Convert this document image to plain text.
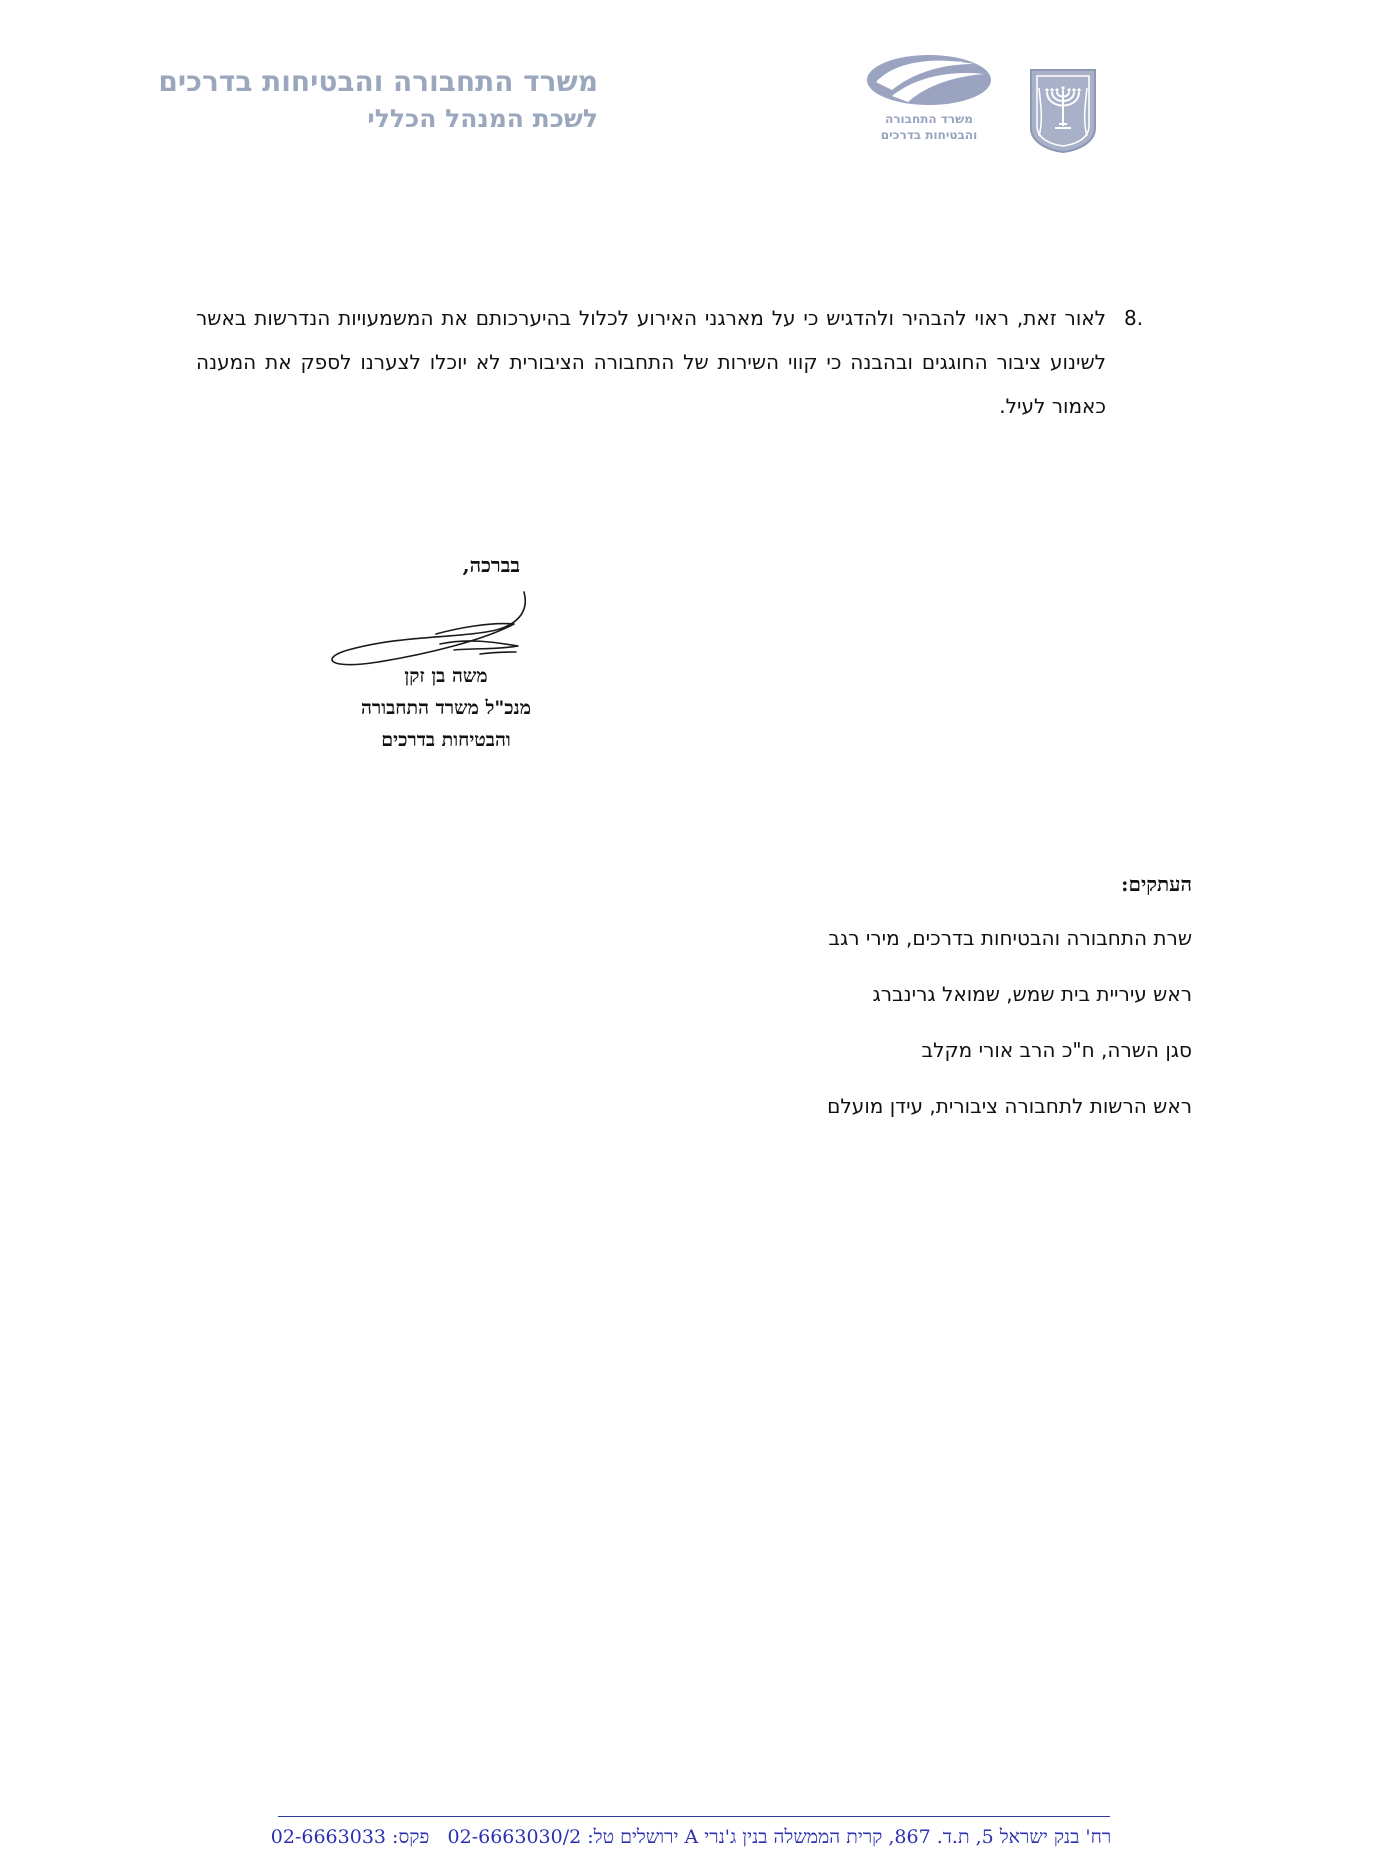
משרד התחבורה והבטיחות בדרכים
לשכת המנהל הכללי	משרד התחבורה
והבטיחות בדרכים
8.
לאור זאת, ראוי להבהיר ולהדגיש כי על מארגני האירוע לכלול בהיערכותם את המשמעויות הנדרשות באשר לשינוע ציבור החוגגים ובהבנה כי קווי השירות של התחבורה הציבורית לא יוכלו לצערנו לספק את המענה כאמור לעיל.
בברכה,
משה בן זקן
מנכ"ל משרד התחבורה
והבטיחות בדרכים
העתקים:
שרת התחבורה והבטיחות בדרכים, מירי רגב
ראש עיריית בית שמש, שמואל גרינברג
סגן השרה, ח"כ הרב אורי מקלב
ראש הרשות לתחבורה ציבורית, עידן מועלם
רח' בנק ישראל 5, ת.ד. 867, קרית הממשלה בנין ג'נרי A ירושלים טל: 02-6663030/2   פקס: 02-6663033
